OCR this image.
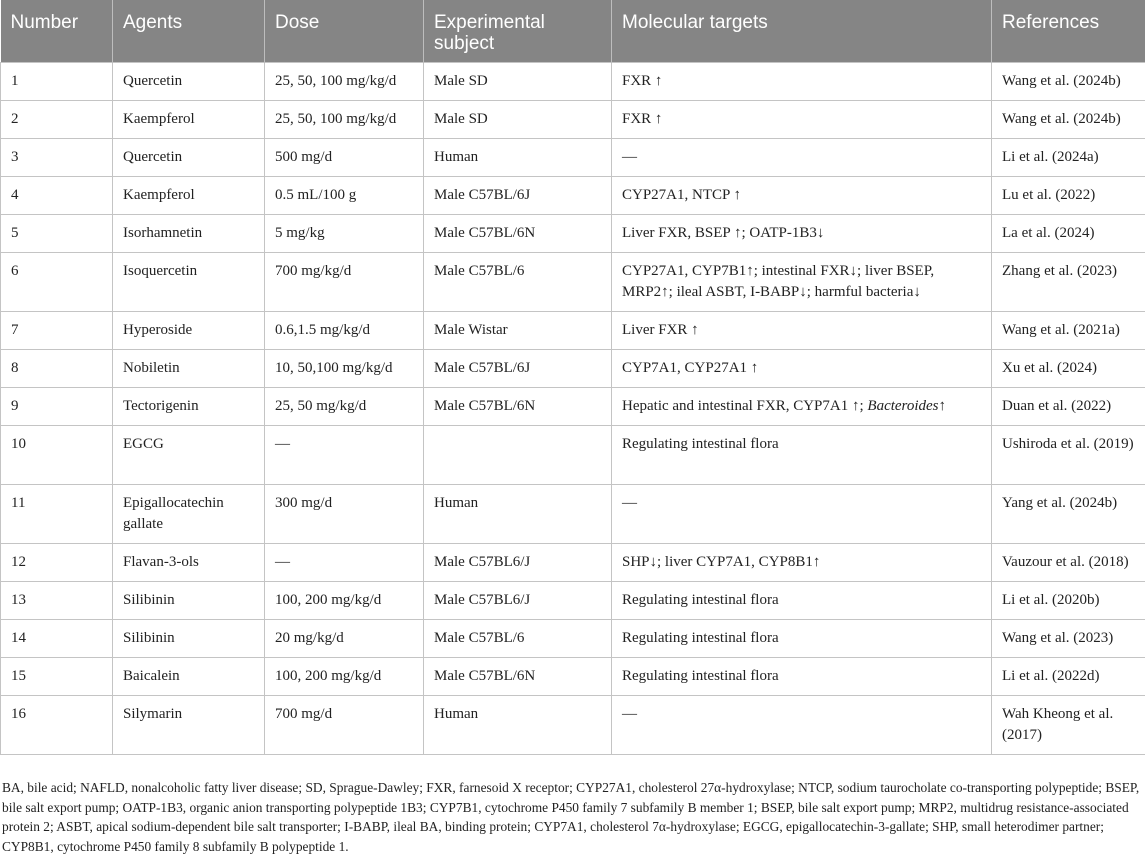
Number	Agents	Dose	Experimental subject	Molecular targets	References
1	Quercetin	25, 50, 100 mg/kg/d	Male SD	FXR ↑	Wang et al. (2024b)
2	Kaempferol	25, 50, 100 mg/kg/d	Male SD	FXR ↑	Wang et al. (2024b)
3	Quercetin	500 mg/d	Human	—	Li et al. (2024a)
4	Kaempferol	0.5 mL/100 g	Male C57BL/6J	CYP27A1, NTCP ↑	Lu et al. (2022)
5	Isorhamnetin	5 mg/kg	Male C57BL/6N	Liver FXR, BSEP ↑; OATP-1B3↓	La et al. (2024)
6	Isoquercetin	700 mg/kg/d	Male C57BL/6	CYP27A1, CYP7B1↑; intestinal FXR↓; liver BSEP, MRP2↑; ileal ASBT, I-BABP↓; harmful bacteria↓	Zhang et al. (2023)
7	Hyperoside	0.6,1.5 mg/kg/d	Male Wistar	Liver FXR ↑	Wang et al. (2021a)
8	Nobiletin	10, 50,100 mg/kg/d	Male C57BL/6J	CYP7A1, CYP27A1 ↑	Xu et al. (2024)
9	Tectorigenin	25, 50 mg/kg/d	Male C57BL/6N	Hepatic and intestinal FXR, CYP7A1 ↑; Bacteroides↑	Duan et al. (2022)
10	EGCG	—		Regulating intestinal flora	Ushiroda et al. (2019)
11	Epigallocatechin gallate	300 mg/d	Human	—	Yang et al. (2024b)
12	Flavan-3-ols	—	Male C57BL6/J	SHP↓; liver CYP7A1, CYP8B1↑	Vauzour et al. (2018)
13	Silibinin	100, 200 mg/kg/d	Male C57BL6/J	Regulating intestinal flora	Li et al. (2020b)
14	Silibinin	20 mg/kg/d	Male C57BL/6	Regulating intestinal flora	Wang et al. (2023)
15	Baicalein	100, 200 mg/kg/d	Male C57BL/6N	Regulating intestinal flora	Li et al. (2022d)
16	Silymarin	700 mg/d	Human	—	Wah Kheong et al. (2017)
BA, bile acid; NAFLD, nonalcoholic fatty liver disease; SD, Sprague-Dawley; FXR, farnesoid X receptor; CYP27A1, cholesterol 27α-hydroxylase; NTCP, sodium taurocholate co-transporting polypeptide; BSEP, bile salt export pump; OATP-1B3, organic anion transporting polypeptide 1B3; CYP7B1, cytochrome P450 family 7 subfamily B member 1; BSEP, bile salt export pump; MRP2, multidrug resistance-associated protein 2; ASBT, apical sodium-dependent bile salt transporter; I-BABP, ileal BA, binding protein; CYP7A1, cholesterol 7α-hydroxylase; EGCG, epigallocatechin-3-gallate; SHP, small heterodimer partner; CYP8B1, cytochrome P450 family 8 subfamily B polypeptide 1.
